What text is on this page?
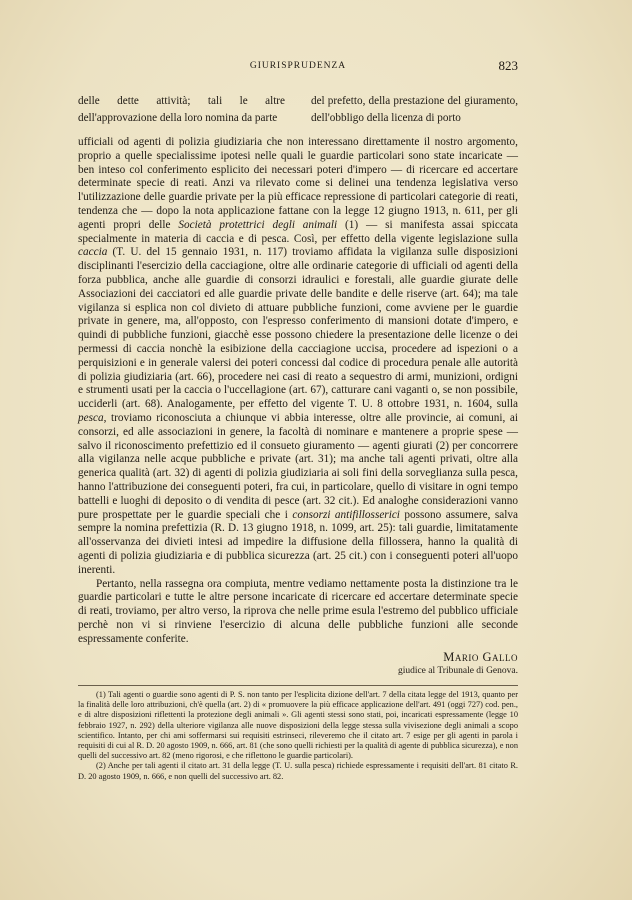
GIURISPRUDENZA	823
delle dette attività; tali le altre dell'approvazione della loro nomina da parte
del prefetto, della prestazione del giuramento, dell'obbligo della licenza di porto

ufficiali od agenti di polizia giudiziaria che non interessano direttamente il nostro argomento, proprio a quelle specialissime ipotesi nelle quali le guardie particolari sono state incaricate — ben inteso col conferimento esplicito dei necessari poteri d'impero — di ricercare ed accertare determinate specie di reati. Anzi va rilevato come si delinei una tendenza legislativa verso l'utilizzazione delle guardie private per la più efficace repressione di particolari categorie di reati, tendenza che — dopo la nota applicazione fattane con la legge 12 giugno 1913, n. 611, per gli agenti propri delle Società protettrici degli animali (1) — si manifesta assai spiccata specialmente in materia di caccia e di pesca. Così, per effetto della vigente legislazione sulla caccia (T. U. del 15 gennaio 1931, n. 117) troviamo affidata la vigilanza sulle disposizioni disciplinanti l'esercizio della cacciagione, oltre alle ordinarie categorie di ufficiali od agenti della forza pubblica, anche alle guardie di consorzi idraulici e forestali, alle guardie giurate delle Associazioni dei cacciatori ed alle guardie private delle bandite e delle riserve (art. 64); ma tale vigilanza si esplica non col divieto di attuare pubbliche funzioni, come avviene per le guardie private in genere, ma, all'opposto, con l'espresso conferimento di mansioni dotate d'impero, e quindi di pubbliche funzioni, giacchè esse possono chiedere la presentazione delle licenze o dei permessi di caccia nonchè la esibizione della cacciagione uccisa, procedere ad ispezioni o a perquisizioni e in generale valersi dei poteri concessi dal codice di procedura penale alle autorità di polizia giudiziaria (art. 66), procedere nei casi di reato a sequestro di armi, munizioni, ordigni e strumenti usati per la caccia o l'uccellagione (art. 67), catturare cani vaganti o, se non possibile, ucciderli (art. 68). Analogamente, per effetto del vigente T. U. 8 ottobre 1931, n. 1604, sulla pesca, troviamo riconosciuta a chiunque vi abbia interesse, oltre alle provincie, ai comuni, ai consorzi, ed alle associazioni in genere, la facoltà di nominare e mantenere a proprie spese — salvo il riconoscimento prefettizio ed il consueto giuramento — agenti giurati (2) per concorrere alla vigilanza nelle acque pubbliche e private (art. 31); ma anche tali agenti privati, oltre alla generica qualità (art. 32) di agenti di polizia giudiziaria ai soli fini della sorveglianza sulla pesca, hanno l'attribuzione dei conseguenti poteri, fra cui, in particolare, quello di visitare in ogni tempo battelli e luoghi di deposito o di vendita di pesce (art. 32 cit.). Ed analoghe considerazioni vanno pure prospettate per le guardie speciali che i consorzi antifillosserici possono assumere, salva sempre la nomina prefettizia (R. D. 13 giugno 1918, n. 1099, art. 25): tali guardie, limitatamente all'osservanza dei divieti intesi ad impedire la diffusione della fillossera, hanno la qualità di agenti di polizia giudiziaria e di pubblica sicurezza (art. 25 cit.) con i conseguenti poteri all'uopo inerenti.

Pertanto, nella rassegna ora compiuta, mentre vediamo nettamente posta la distinzione tra le guardie particolari e tutte le altre persone incaricate di ricercare ed accertare determinate specie di reati, troviamo, per altro verso, la riprova che nelle prime esula l'estremo del pubblico ufficiale perchè non vi si rinviene l'esercizio di alcuna delle pubbliche funzioni alle seconde espressamente conferite.

Mario Gallo
giudice al Tribunale di Genova.

(1) Tali agenti o guardie sono agenti di P. S. non tanto per l'esplicita dizione dell'art. 7 della citata legge del 1913, quanto per la finalità delle loro attribuzioni, ch'è quella (art. 2) di « promuovere la più efficace applicazione dell'art. 491 (oggi 727) cod. pen., e di altre disposizioni riflettenti la protezione degli animali ». Gli agenti stessi sono stati, poi, incaricati espressamente (legge 10 febbraio 1927, n. 292) della ulteriore vigilanza alle nuove disposizioni della legge stessa sulla vivisezione degli animali a scopo scientifico. Intanto, per chi ami soffermarsi sui requisiti estrinseci, rileveremo che il citato art. 7 esige per gli agenti in parola i requisiti di cui al R. D. 20 agosto 1909, n. 666, art. 81 (che sono quelli richiesti per la qualità di agente di pubblica sicurezza), e non quelli del successivo art. 82 (meno rigorosi, e che riflettono le guardie particolari).

(2) Anche per tali agenti il citato art. 31 della legge (T. U. sulla pesca) richiede espressamente i requisiti dell'art. 81 citato R. D. 20 agosto 1909, n. 666, e non quelli del successivo art. 82.
